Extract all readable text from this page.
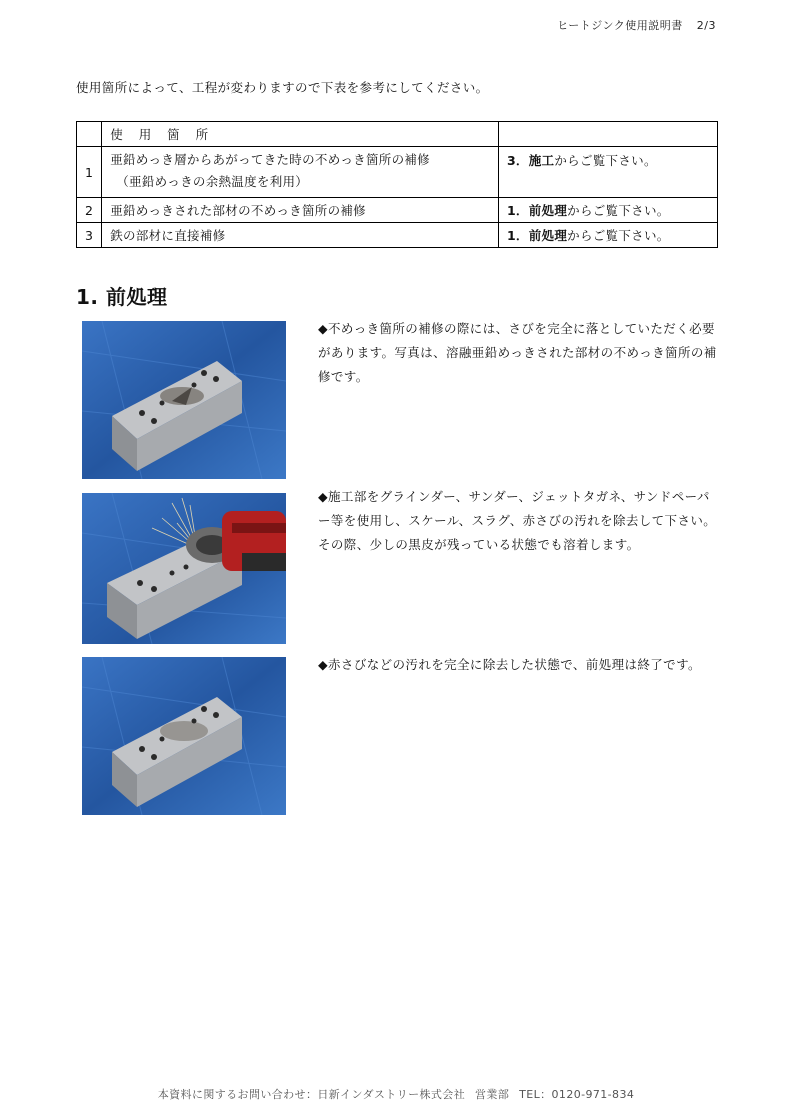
ヒートジンク使用説明書 2/3
使用箇所によって、工程が変わりますので下表を参考にしてください。
	使 用 箇 所	
1	亜鉛めっき層からあがってきた時の不めっき箇所の補修
（亜鉛めっきの余熱温度を利用）	3．施工からご覧下さい。
2	亜鉛めっきされた部材の不めっき箇所の補修	1．前処理からご覧下さい。
3	鉄の部材に直接補修	1．前処理からご覧下さい。
1. 前処理
◆不めっき箇所の補修の際には、さびを完全に落としていただく必要があります。写真は、溶融亜鉛めっきされた部材の不めっき箇所の補修です。
◆施工部をグラインダー、サンダー、ジェットタガネ、サンドペーパー等を使用し、スケール、スラグ、赤さびの汚れを除去して下さい。その際、少しの黒皮が残っている状態でも溶着します。
◆赤さびなどの汚れを完全に除去した状態で、前処理は終了です。
本資料に関するお問い合わせ：日新インダストリー株式会社 営業部 TEL：0120-971-834
